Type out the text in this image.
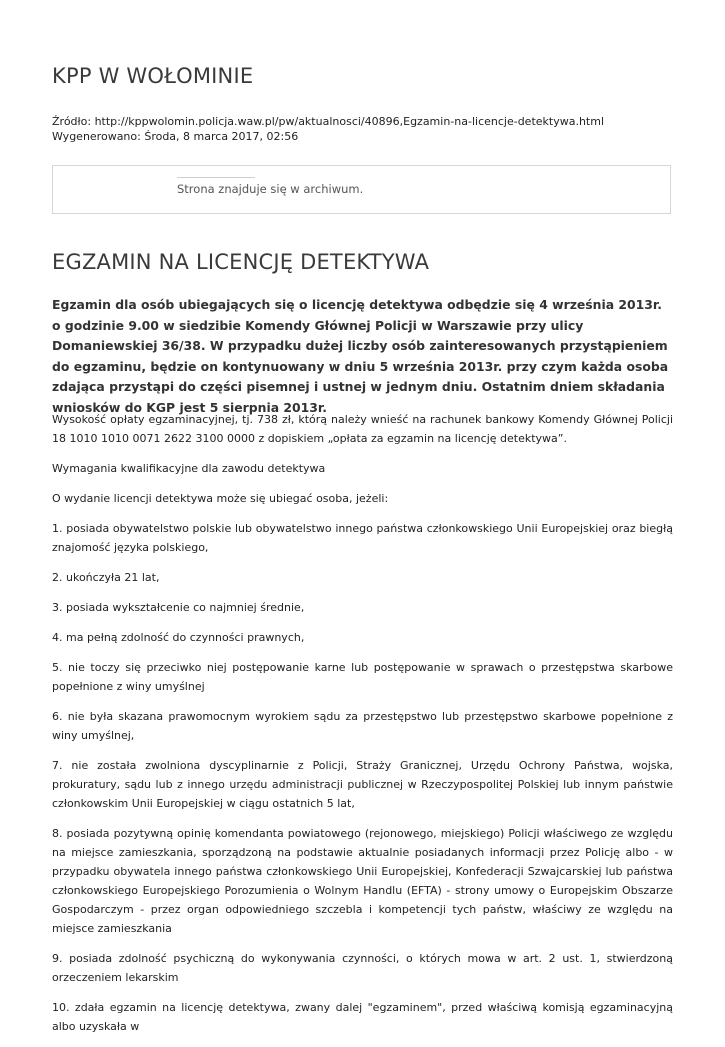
KPP W WOŁOMINIE
Źródło: http://kppwolomin.policja.waw.pl/pw/aktualnosci/40896,Egzamin-na-licencje-detektywa.html
Wygenerowano: Środa, 8 marca 2017, 02:56
Strona znajduje się w archiwum.
EGZAMIN NA LICENCJĘ DETEKTYWA

Egzamin dla osób ubiegających się o licencję detektywa odbędzie się 4 września 2013r. o godzinie 9.00 w siedzibie Komendy Głównej Policji w Warszawie przy ulicy Domaniewskiej 36/38. W przypadku dużej liczby osób zainteresowanych przystąpieniem do egzaminu, będzie on kontynuowany w dniu 5 września 2013r. przy czym każda osoba zdająca przystąpi do części pisemnej i ustnej w jednym dniu. Ostatnim dniem składania wniosków do KGP jest 5 sierpnia 2013r.

Wysokość opłaty egzaminacyjnej, tj. 738 zł, którą należy wnieść na rachunek bankowy Komendy Głównej Policji 18 1010 1010 0071 2622 3100 0000 z dopiskiem „opłata za egzamin na licencję detektywa”.

Wymagania kwalifikacyjne dla zawodu detektywa

O wydanie licencji detektywa może się ubiegać osoba, jeżeli:

1. posiada obywatelstwo polskie lub obywatelstwo innego państwa członkowskiego Unii Europejskiej oraz biegłą znajomość języka polskiego,

2. ukończyła 21 lat,

3. posiada wykształcenie co najmniej średnie,

4. ma pełną zdolność do czynności prawnych,

5. nie toczy się przeciwko niej postępowanie karne lub postępowanie w sprawach o przestępstwa skarbowe popełnione z winy umyślnej

6. nie była skazana prawomocnym wyrokiem sądu za przestępstwo lub przestępstwo skarbowe popełnione z winy umyślnej,

7. nie została zwolniona dyscyplinarnie z Policji, Straży Granicznej, Urzędu Ochrony Państwa, wojska, prokuratury, sądu lub z innego urzędu administracji publicznej w Rzeczypospolitej Polskiej lub innym państwie członkowskim Unii Europejskiej w ciągu ostatnich 5 lat,

8. posiada pozytywną opinię komendanta powiatowego (rejonowego, miejskiego) Policji właściwego ze względu na miejsce zamieszkania, sporządzoną na podstawie aktualnie posiadanych informacji przez Policję albo - w przypadku obywatela innego państwa członkowskiego Unii Europejskiej, Konfederacji Szwajcarskiej lub państwa członkowskiego Europejskiego Porozumienia o Wolnym Handlu (EFTA) - strony umowy o Europejskim Obszarze Gospodarczym - przez organ odpowiedniego szczebla i kompetencji tych państw, właściwy ze względu na miejsce zamieszkania

9. posiada zdolność psychiczną do wykonywania czynności, o których mowa w art. 2 ust. 1, stwierdzoną orzeczeniem lekarskim

10. zdała egzamin na licencję detektywa, zwany dalej "egzaminem", przed właściwą komisją egzaminacyjną albo uzyskała w
